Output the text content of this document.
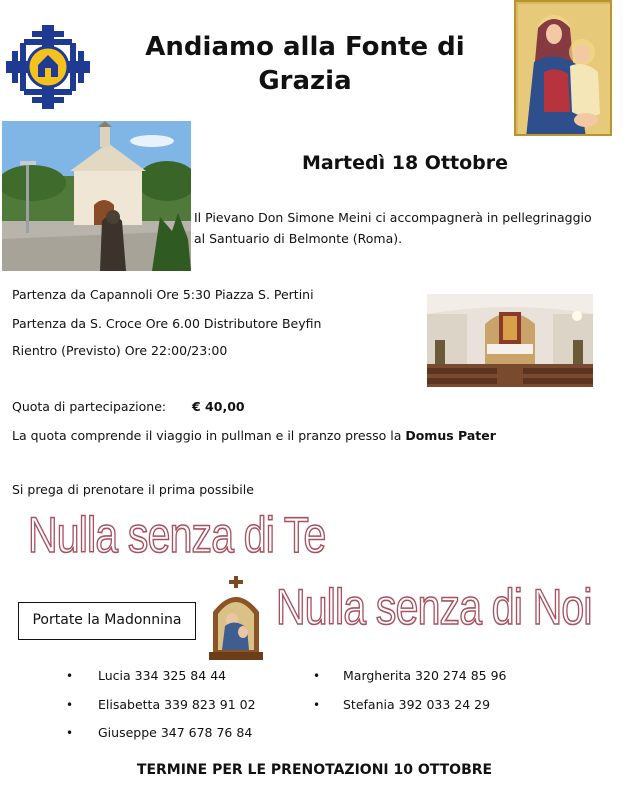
Andiamo alla Fonte di
Grazia
Martedì 18 Ottobre
Il Pievano Don Simone Meini ci accompagnerà in pellegrinaggio
al Santuario di Belmonte (Roma).
Partenza da Capannoli Ore 5:30 Piazza S. Pertini
Partenza da S. Croce Ore 6.00 Distributore Beyfin
Rientro (Previsto) Ore 22:00/23:00
Quota di partecipazione: € 40,00
La quota comprende il viaggio in pullman e il pranzo presso la Domus Pater
Si prega di prenotare il prima possibile
Nulla senza di Te
Nulla senza di Noi
Portate la Madonnina
• Lucia 334 325 84 44
• Elisabetta 339 823 91 02
• Giuseppe 347 678 76 84
• Margherita 320 274 85 96
• Stefania 392 033 24 29
TERMINE PER LE PRENOTAZIONI 10 OTTOBRE
